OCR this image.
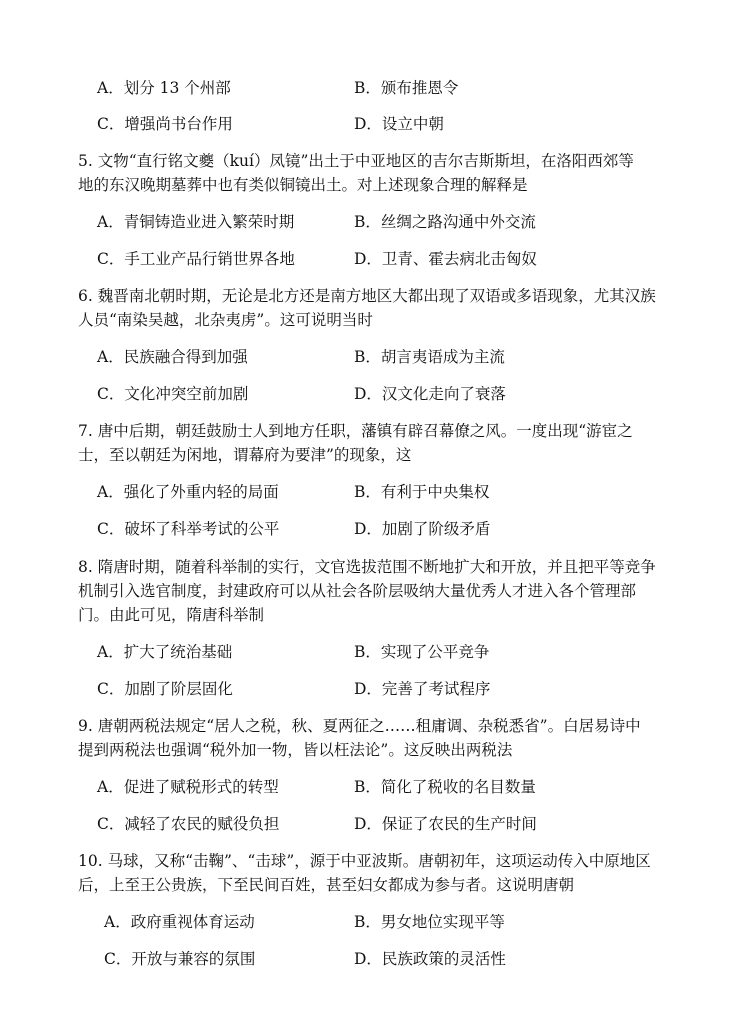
A．划分 13 个州部	B．颁布推恩令
C．增强尚书台作用	D．设立中朝
5. 文物“直行铭文夔（kuí）凤镜”出土于中亚地区的吉尔吉斯斯坦，在洛阳西郊等
地的东汉晚期墓葬中也有类似铜镜出土。对上述现象合理的解释是
A．青铜铸造业进入繁荣时期	B．丝绸之路沟通中外交流
C．手工业产品行销世界各地	D．卫青、霍去病北击匈奴
6. 魏晋南北朝时期，无论是北方还是南方地区大都出现了双语或多语现象，尤其汉族
人员“南染吴越，北杂夷虏”。这可说明当时
A．民族融合得到加强	B．胡言夷语成为主流
C．文化冲突空前加剧	D．汉文化走向了衰落
7. 唐中后期，朝廷鼓励士人到地方任职，藩镇有辟召幕僚之风。一度出现“游宦之
士，至以朝廷为闲地，谓幕府为要津”的现象，这
A．强化了外重内轻的局面	B．有利于中央集权
C．破坏了科举考试的公平	D．加剧了阶级矛盾
8. 隋唐时期，随着科举制的实行，文官选拔范围不断地扩大和开放，并且把平等竞争
机制引入选官制度，封建政府可以从社会各阶层吸纳大量优秀人才进入各个管理部
门。由此可见，隋唐科举制
A．扩大了统治基础	B．实现了公平竞争
C．加剧了阶层固化	D．完善了考试程序
9. 唐朝两税法规定“居人之税，秋、夏两征之……租庸调、杂税悉省”。白居易诗中
提到两税法也强调“税外加一物，皆以枉法论”。这反映出两税法
A．促进了赋税形式的转型	B．简化了税收的名目数量
C．减轻了农民的赋役负担	D．保证了农民的生产时间
10. 马球，又称“击鞠”、“击球”，源于中亚波斯。唐朝初年，这项运动传入中原地区
后，上至王公贵族，下至民间百姓，甚至妇女都成为参与者。这说明唐朝
A．政府重视体育运动	B．男女地位实现平等
C．开放与兼容的氛围	D．民族政策的灵活性
